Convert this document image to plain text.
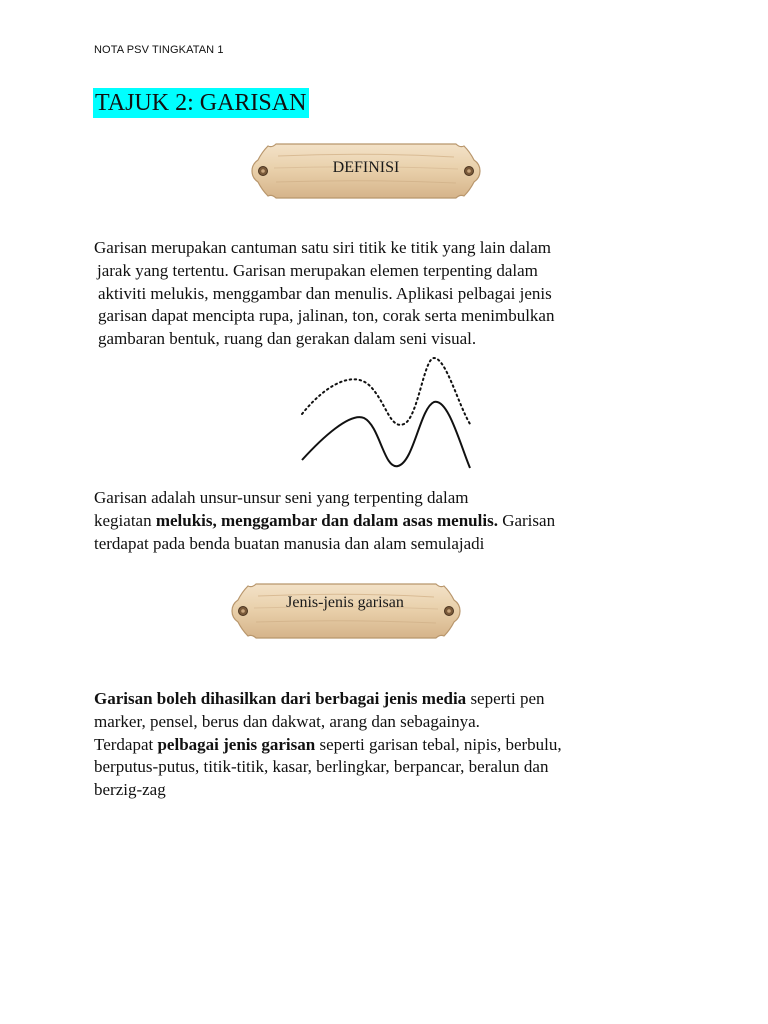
NOTA PSV TINGKATAN 1
TAJUK 2: GARISAN
DEFINISI
Garisan merupakan cantuman satu siri titik ke titik yang lain dalam
jarak yang tertentu. Garisan merupakan elemen terpenting dalam
aktiviti melukis, menggambar dan menulis. Aplikasi pelbagai jenis
garisan dapat mencipta rupa, jalinan, ton, corak serta menimbulkan
gambaran bentuk, ruang dan gerakan dalam seni visual.
Garisan adalah unsur-unsur seni yang terpenting dalam
kegiatan melukis, menggambar dan dalam asas menulis. Garisan
terdapat pada benda buatan manusia dan alam semulajadi
Jenis-jenis garisan
Garisan boleh dihasilkan dari berbagai jenis media seperti pen
marker, pensel, berus dan dakwat, arang dan sebagainya.
Terdapat pelbagai jenis garisan seperti garisan tebal, nipis, berbulu,
berputus-putus, titik-titik, kasar, berlingkar, berpancar, beralun dan
berzig-zag
